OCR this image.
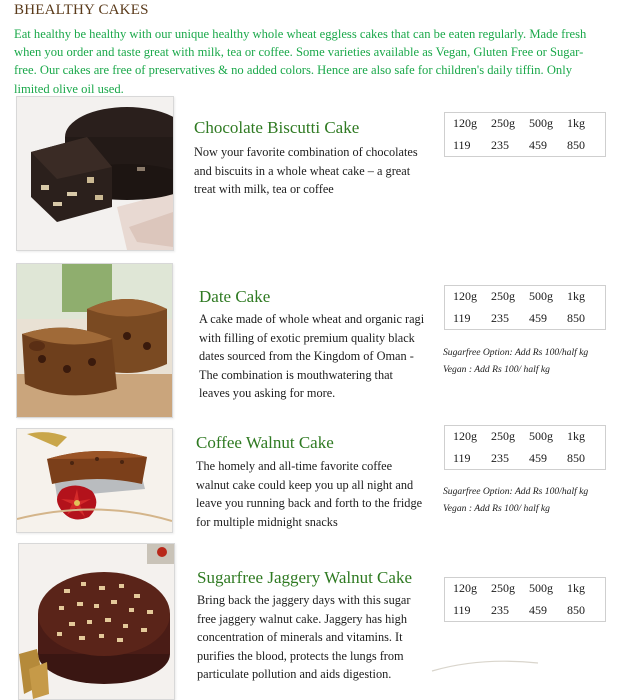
BHEALTHY CAKES
Eat healthy be healthy with our unique healthy whole wheat eggless cakes that can be eaten regularly. Made fresh when you order and taste great with milk, tea or coffee. Some varieties available as Vegan, Gluten Free or Sugar- free. Our cakes are free of preservatives & no added colors. Hence are also safe for children's daily tiffin. Only limited olive oil used.
Chocolate Biscutti Cake
Now your favorite combination of chocolates and biscuits in a whole wheat cake – a great treat with milk, tea or coffee
120g	250g	500g	1kg
119	235	459	850
Date Cake
A cake made of whole wheat and organic ragi with filling of exotic premium quality black dates sourced from the Kingdom of Oman -The combination is mouthwatering that leaves you asking for more.
120g	250g	500g	1kg
119	235	459	850
Sugarfree Option: Add Rs 100/half kg
Vegan : Add Rs 100/ half kg
Coffee Walnut Cake
The homely and all-time favorite coffee walnut cake could keep you up all night and leave you running back and forth to the fridge for multiple midnight snacks
120g	250g	500g	1kg
119	235	459	850
Sugarfree Option: Add Rs 100/half kg
Vegan : Add Rs 100/ half kg
Sugarfree Jaggery Walnut Cake
Bring back the jaggery days with this sugar free jaggery walnut cake. Jaggery has high concentration of minerals and vitamins. It purifies the blood, protects the lungs from particulate pollution and aids digestion.
120g	250g	500g	1kg
119	235	459	850
